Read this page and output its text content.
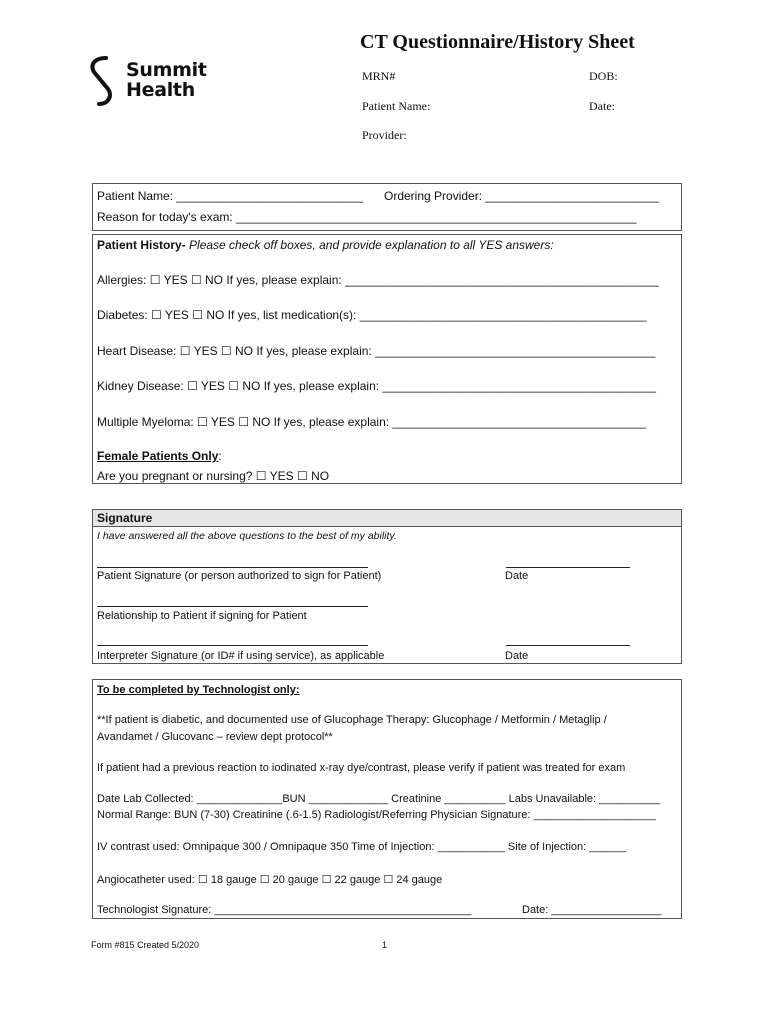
Summit
Health
CT Questionnaire/History Sheet
MRN#	DOB:
Patient Name:	Date:
Provider:
Patient Name: ____________________________ Ordering Provider: __________________________
Reason for today's exam: ____________________________________________________________
Patient History- Please check off boxes, and provide explanation to all YES answers:
Allergies: ☐ YES ☐ NO If yes, please explain: _______________________________________________
Diabetes: ☐ YES ☐ NO If yes, list medication(s): ___________________________________________
Heart Disease: ☐ YES ☐ NO If yes, please explain: __________________________________________
Kidney Disease: ☐ YES ☐ NO If yes, please explain: _________________________________________
Multiple Myeloma: ☐ YES ☐ NO If yes, please explain: ______________________________________
Female Patients Only:
Are you pregnant or nursing? ☐ YES ☐ NO
Signature
I have answered all the above questions to the best of my ability.
Patient Signature (or person authorized to sign for Patient)	Date
Relationship to Patient if signing for Patient
Interpreter Signature (or ID# if using service), as applicable	Date
To be completed by Technologist only:
**If patient is diabetic, and documented use of Glucophage Therapy: Glucophage / Metformin / Metaglip /
Avandamet / Glucovanc – review dept protocol**
If patient had a previous reaction to iodinated x-ray dye/contrast, please verify if patient was treated for exam
Date Lab Collected: ______________BUN _____________ Creatinine __________ Labs Unavailable: __________
Normal Range: BUN (7-30) Creatinine (.6-1.5) Radiologist/Referring Physician Signature: ____________________
IV contrast used: Omnipaque 300 / Omnipaque 350 Time of Injection: ___________ Site of Injection: ______
Angiocatheter used: ☐ 18 gauge ☐ 20 gauge ☐ 22 gauge ☐ 24 gauge
Technologist Signature: __________________________________________	Date: __________________
Form #815 Created 5/2020	1
